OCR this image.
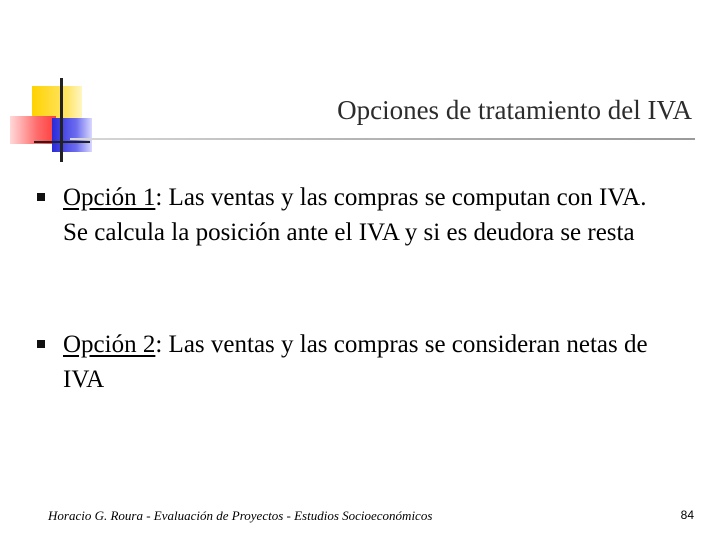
Opciones de tratamiento del IVA
Opción 1: Las ventas y las compras se computan con IVA. Se calcula la posición ante el IVA y si es deudora se resta
Opción 2: Las ventas y las compras se consideran netas de IVA
Horacio G. Roura - Evaluación de Proyectos - Estudios Socioeconómicos	84
